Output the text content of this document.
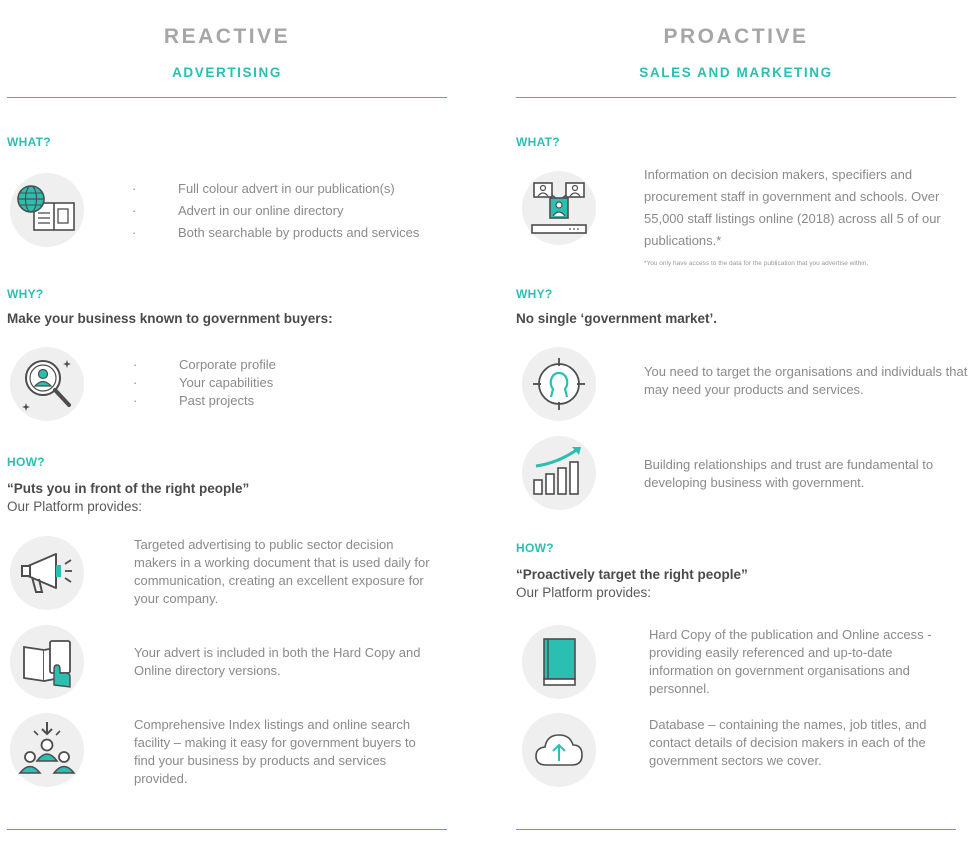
REACTIVE
ADVERTISING
WHAT?
·	Full colour advert in our publication(s)
·	Advert in our online directory
·	Both searchable by products and services
WHY?
Make your business known to government buyers:
·	Corporate profile
·	Your capabilities
·	Past projects
HOW?
“Puts you in front of the right people”
Our Platform provides:
Targeted advertising to public sector decision makers in a working document that is used daily for communication, creating an excellent exposure for your company.
Your advert is included in both the Hard Copy and Online directory versions.
Comprehensive Index listings and online search facility – making it easy for government buyers to find your business by products and services provided.
PROACTIVE
SALES AND MARKETING
WHAT?
Information on decision makers, specifiers and procurement staff in government and schools. Over 55,000 staff listings online (2018) across all 5 of our publications.*
*You only have access to the data for the publication that you advertise within.
WHY?
No single ‘government market’.
You need to target the organisations and individuals that may need your products and services.
Building relationships and trust are fundamental to developing business with government.
HOW?
“Proactively target the right people”
Our Platform provides:
Hard Copy of the publication and Online access - providing easily referenced and up-to-date information on government organisations and personnel.
Database – containing the names, job titles, and contact details of decision makers in each of the government sectors we cover.
